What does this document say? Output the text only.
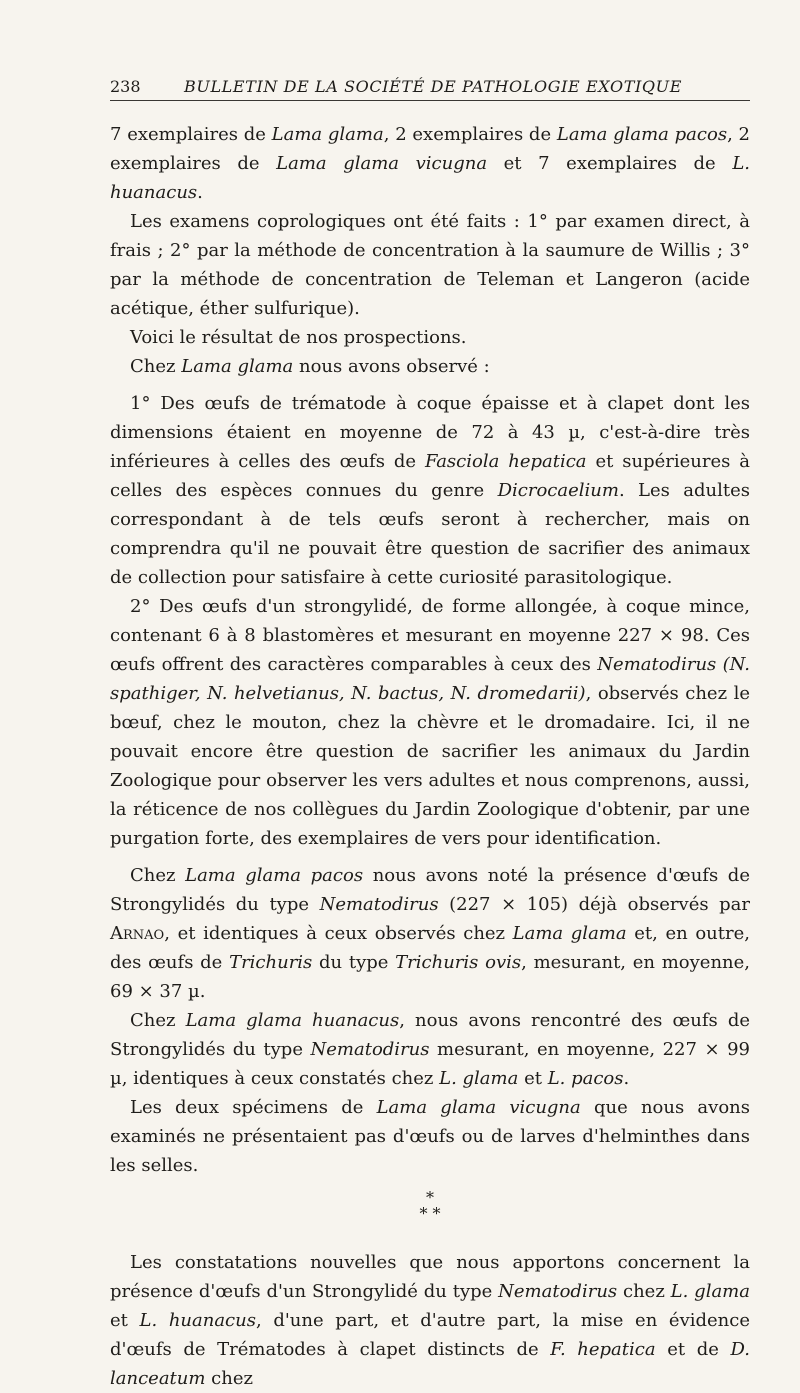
238	BULLETIN DE LA SOCIÉTÉ DE PATHOLOGIE EXOTIQUE

7 exemplaires de Lama glama, 2 exemplaires de Lama glama pacos, 2 exemplaires de Lama glama vicugna et 7 exemplaires de L. huanacus.

Les examens coprologiques ont été faits : 1° par examen direct, à frais ; 2° par la méthode de concentration à la saumure de Willis ; 3° par la méthode de concentration de Teleman et Langeron (acide acétique, éther sulfurique).

Voici le résultat de nos prospections.

Chez Lama glama nous avons observé :

1° Des œufs de trématode à coque épaisse et à clapet dont les dimensions étaient en moyenne de 72 à 43 µ, c'est-à-dire très inférieures à celles des œufs de Fasciola hepatica et supérieures à celles des espèces connues du genre Dicrocaelium. Les adultes correspondant à de tels œufs seront à rechercher, mais on comprendra qu'il ne pouvait être question de sacrifier des animaux de collection pour satisfaire à cette curiosité parasitologique.

2° Des œufs d'un strongylidé, de forme allongée, à coque mince, contenant 6 à 8 blastomères et mesurant en moyenne 227 × 98. Ces œufs offrent des caractères comparables à ceux des Nematodirus (N. spathiger, N. helvetianus, N. bactus, N. dromedarii), observés chez le bœuf, chez le mouton, chez la chèvre et le dromadaire. Ici, il ne pouvait encore être question de sacrifier les animaux du Jardin Zoologique pour observer les vers adultes et nous comprenons, aussi, la réticence de nos collègues du Jardin Zoologique d'obtenir, par une purgation forte, des exemplaires de vers pour identification.

Chez Lama glama pacos nous avons noté la présence d'œufs de Strongylidés du type Nematodirus (227 × 105) déjà observés par Arnao, et identiques à ceux observés chez Lama glama et, en outre, des œufs de Trichuris du type Trichuris ovis, mesurant, en moyenne, 69 × 37 µ.

Chez Lama glama huanacus, nous avons rencontré des œufs de Strongylidés du type Nematodirus mesurant, en moyenne, 227 × 99 µ, identiques à ceux constatés chez L. glama et L. pacos.

Les deux spécimens de Lama glama vicugna que nous avons examinés ne présentaient pas d'œufs ou de larves d'helminthes dans les selles.

*
* *

Les constatations nouvelles que nous apportons concernent la présence d'œufs d'un Strongylidé du type Nematodirus chez L. glama et L. huanacus, d'une part, et d'autre part, la mise en évidence d'œufs de Trématodes à clapet distincts de F. hepatica et de D. lanceatum chez
